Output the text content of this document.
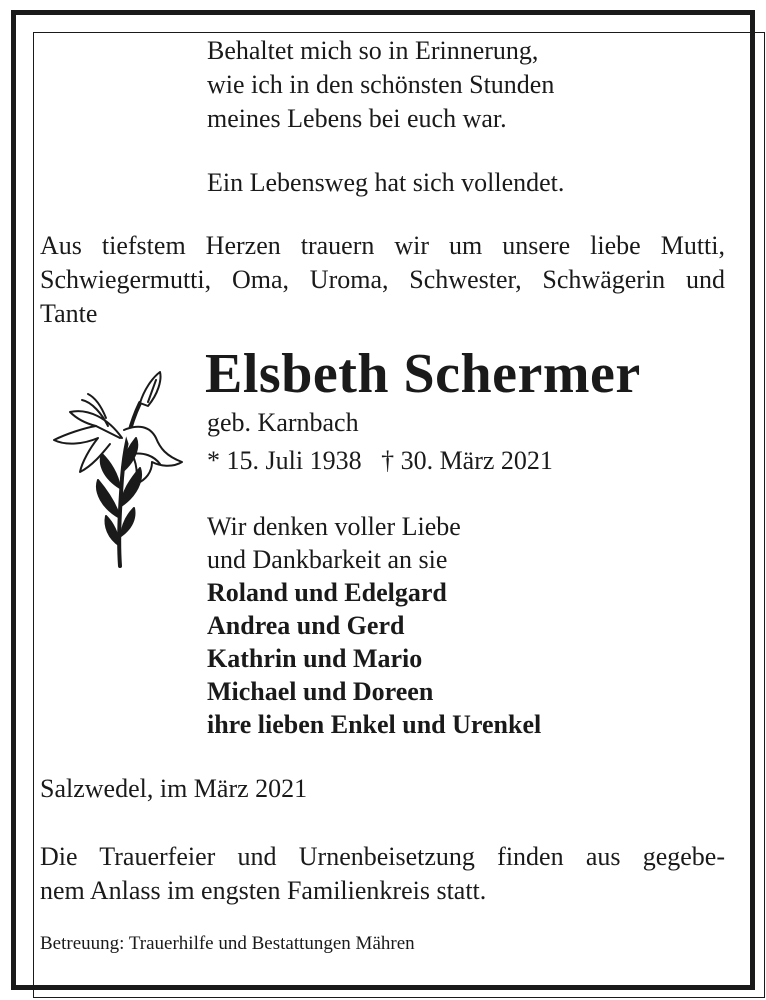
Behaltet mich so in Erinnerung,

wie ich in den schönsten Stunden

meines Lebens bei euch war.

Ein Lebensweg hat sich vollendet.

Aus tiefstem Herzen trauern wir um unsere liebe Mutti,
Schwiegermutti, Oma, Uroma, Schwester, Schwägerin und
Tante

Elsbeth Schermer

geb. Karnbach

* 15. Juli 1938   † 30. März 2021

Wir denken voller Liebe

und Dankbarkeit an sie

Roland und Edelgard

Andrea und Gerd

Kathrin und Mario

Michael und Doreen

ihre lieben Enkel und Urenkel

Salzwedel, im März 2021

Die Trauerfeier und Urnenbeisetzung finden aus gegebe-
nem Anlass im engsten Familienkreis statt.

Betreuung: Trauerhilfe und Bestattungen Mähren
